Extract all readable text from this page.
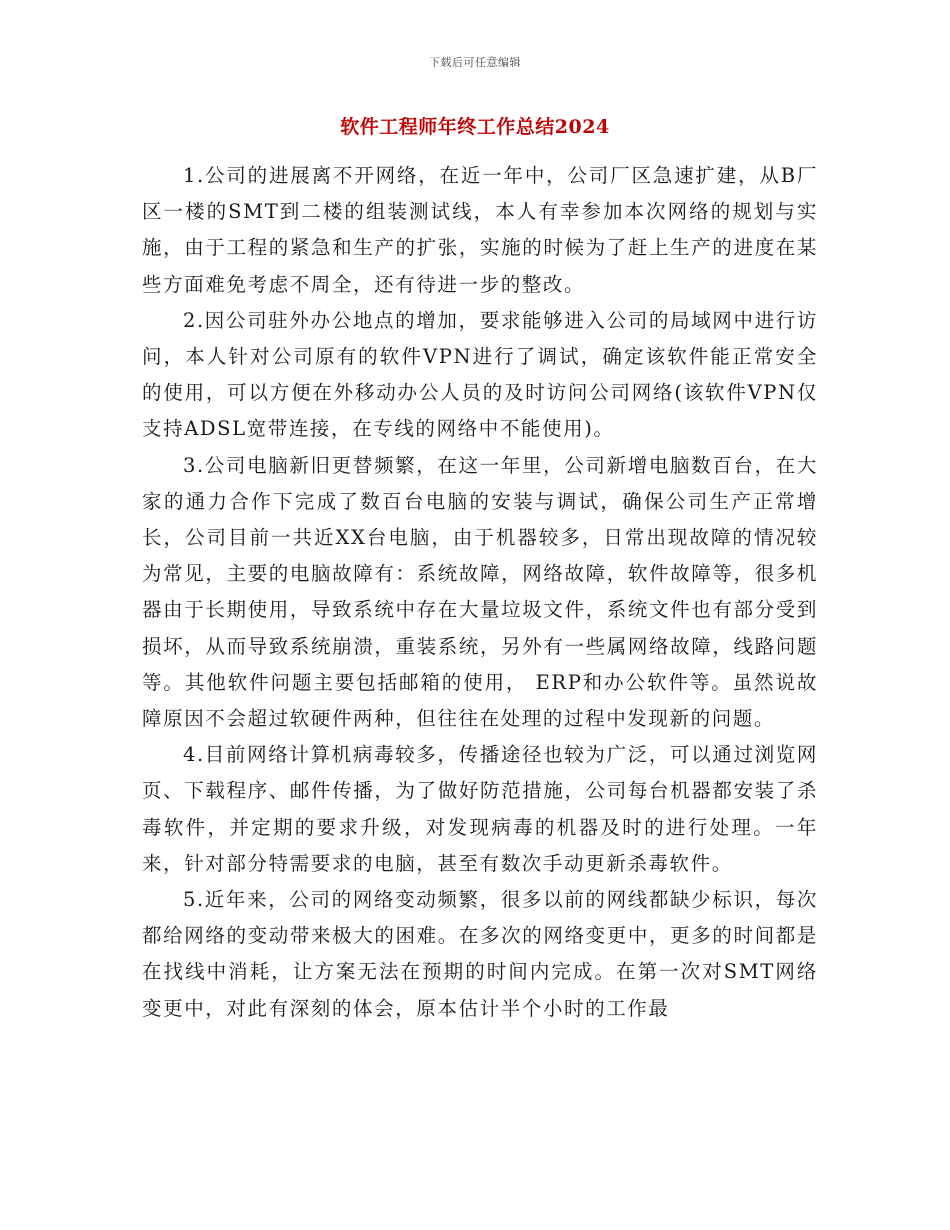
下载后可任意编辑
软件工程师年终工作总结2024

1.公司的进展离不开网络，在近一年中，公司厂区急速扩建，从B厂区一楼的SMT到二楼的组装测试线，本人有幸参加本次网络的规划与实施，由于工程的紧急和生产的扩张，实施的时候为了赶上生产的进度在某些方面难免考虑不周全，还有待进一步的整改。

2.因公司驻外办公地点的增加，要求能够进入公司的局域网中进行访问，本人针对公司原有的软件VPN进行了调试，确定该软件能正常安全的使用，可以方便在外移动办公人员的及时访问公司网络(该软件VPN仅支持ADSL宽带连接，在专线的网络中不能使用)。

3.公司电脑新旧更替频繁，在这一年里，公司新增电脑数百台，在大家的通力合作下完成了数百台电脑的安装与调试，确保公司生产正常增长，公司目前一共近XX台电脑，由于机器较多，日常出现故障的情况较为常见，主要的电脑故障有：系统故障，网络故障，软件故障等，很多机器由于长期使用，导致系统中存在大量垃圾文件，系统文件也有部分受到损坏，从而导致系统崩溃，重装系统，另外有一些属网络故障，线路问题等。其他软件问题主要包括邮箱的使用， ERP和办公软件等。虽然说故障原因不会超过软硬件两种，但往往在处理的过程中发现新的问题。

4.目前网络计算机病毒较多，传播途径也较为广泛，可以通过浏览网页、下载程序、邮件传播，为了做好防范措施，公司每台机器都安装了杀毒软件，并定期的要求升级，对发现病毒的机器及时的进行处理。一年来，针对部分特需要求的电脑，甚至有数次手动更新杀毒软件。

5.近年来，公司的网络变动频繁，很多以前的网线都缺少标识，每次都给网络的变动带来极大的困难。在多次的网络变更中，更多的时间都是在找线中消耗，让方案无法在预期的时间内完成。在第一次对SMT网络变更中，对此有深刻的体会，原本估计半个小时的工作最
